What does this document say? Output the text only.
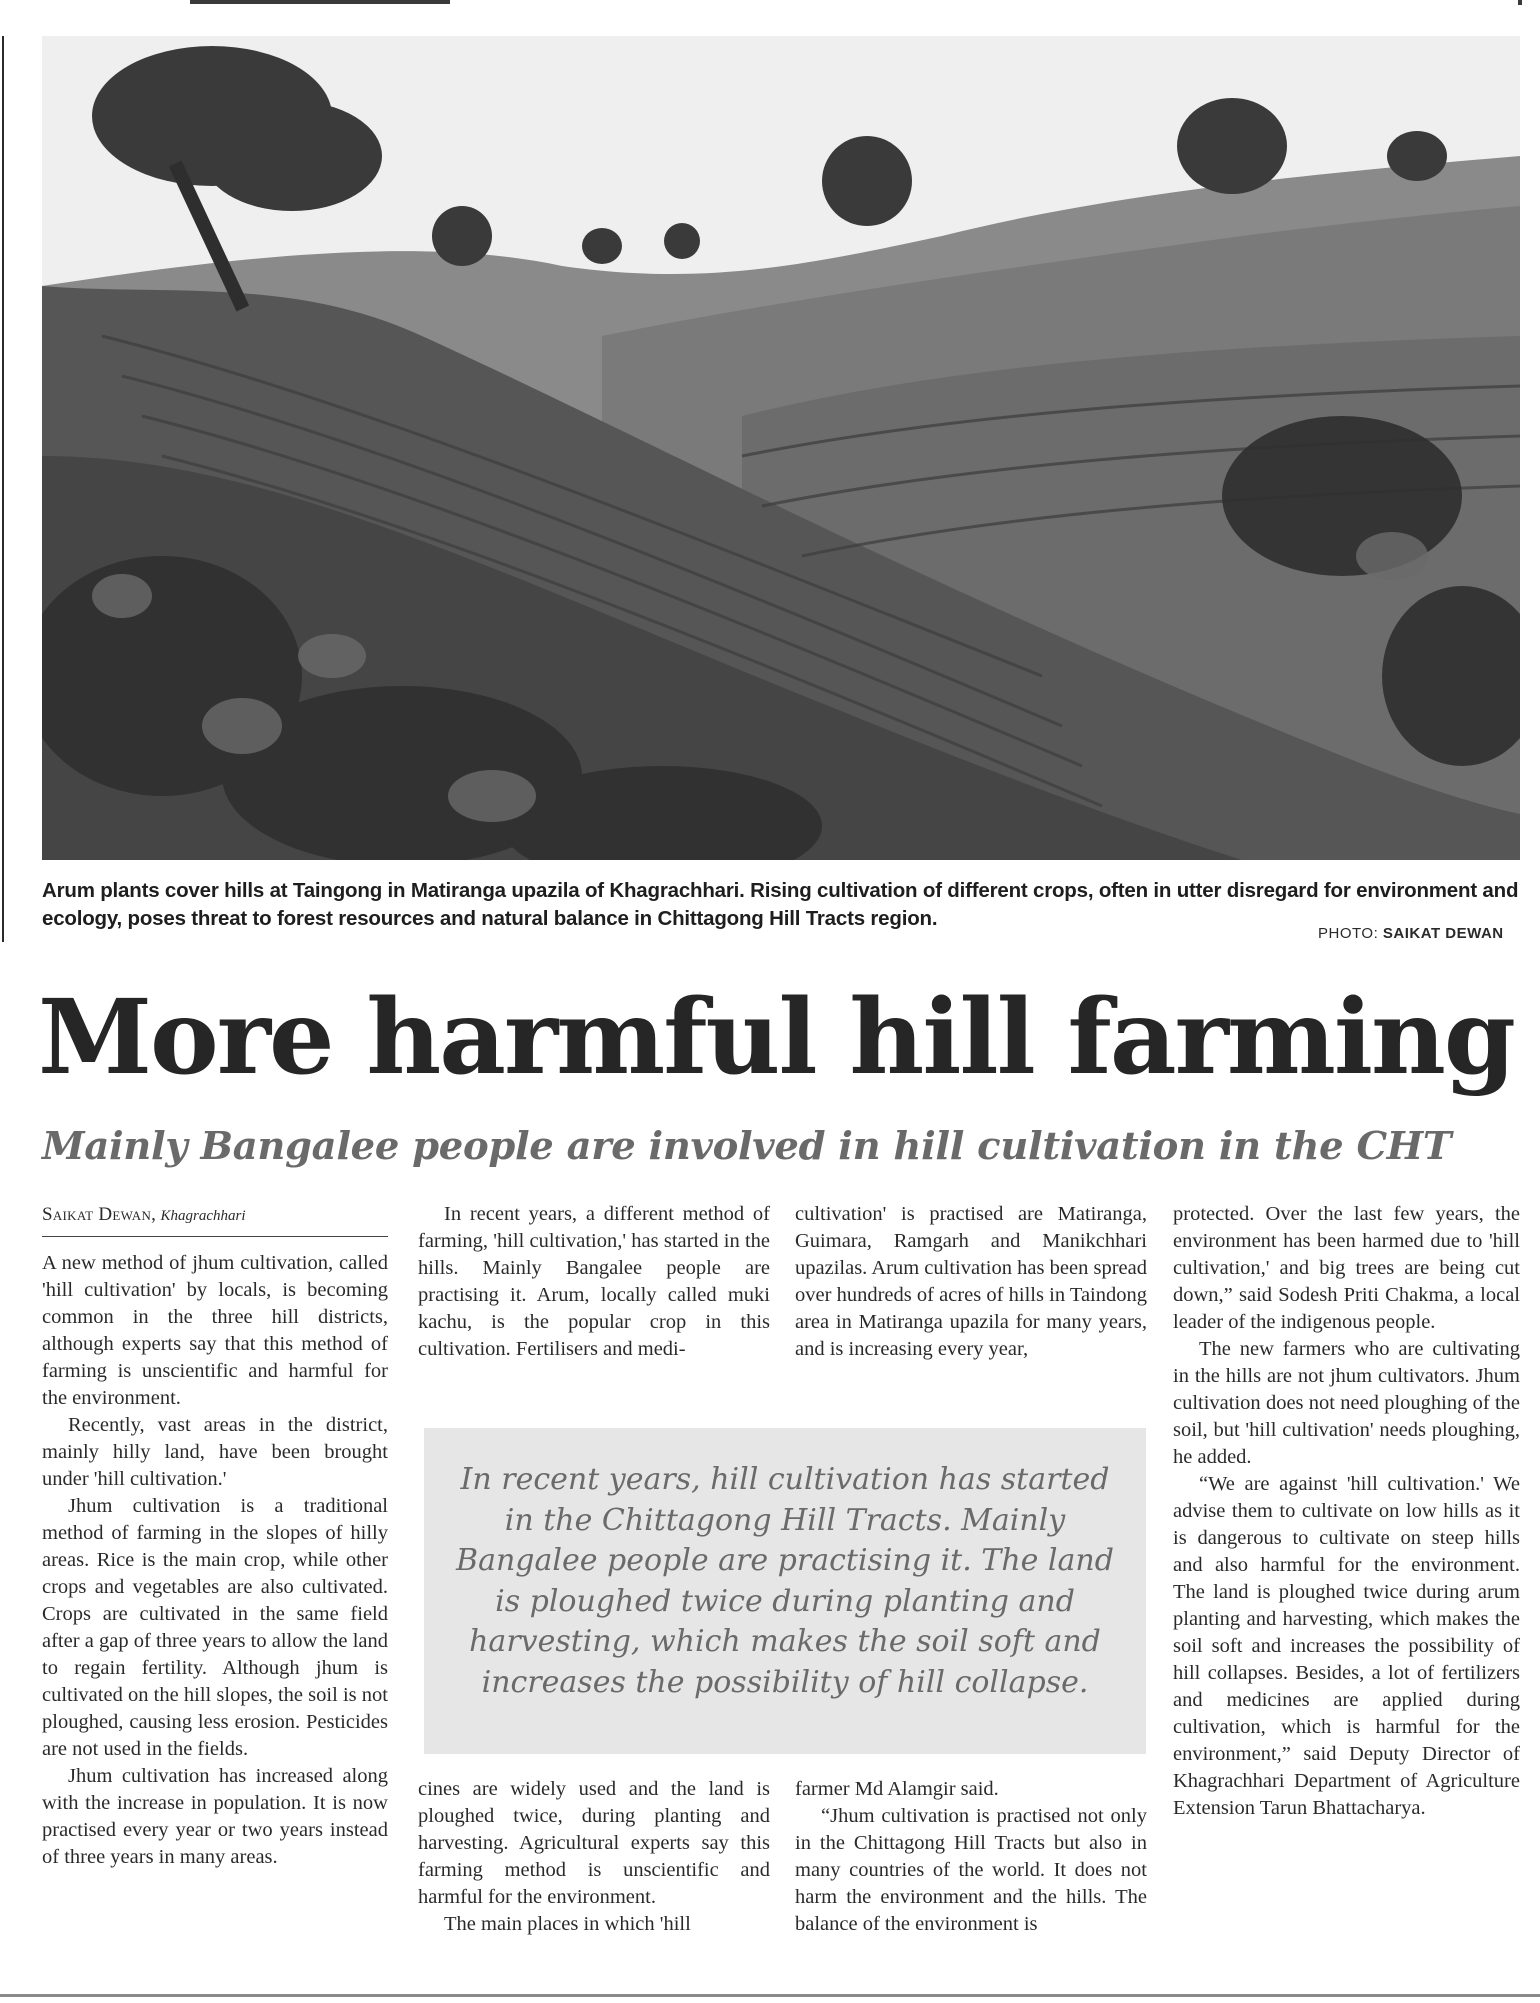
Arum plants cover hills at Taingong in Matiranga upazila of Khagrachhari. Rising cultivation of different crops, often in utter disregard for environment and ecology, poses threat to forest resources and natural balance in Chittagong Hill Tracts region.
PHOTO: SAIKAT DEWAN
More harmful hill farming
Mainly Bangalee people are involved in hill cultivation in the CHT
Saikat Dewan, Khagrachhari

A new method of jhum cultivation, called 'hill cultivation' by locals, is becoming common in the three hill districts, although experts say that this method of farming is unscientific and harmful for the environment.

Recently, vast areas in the district, mainly hilly land, have been brought under 'hill cultivation.'

Jhum cultivation is a traditional method of farming in the slopes of hilly areas. Rice is the main crop, while other crops and vegetables are also cultivated. Crops are cultivated in the same field after a gap of three years to allow the land to regain fertility. Although jhum is cultivated on the hill slopes, the soil is not ploughed, causing less erosion. Pesticides are not used in the fields.

Jhum cultivation has increased along with the increase in population. It is now practised every year or two years instead of three years in many areas.

In recent years, a different method of farming, 'hill cultivation,' has started in the hills. Mainly Bangalee people are practising it. Arum, locally called muki kachu, is the popular crop in this cultivation. Fertilisers and medi-

cultivation' is practised are Matiranga, Guimara, Ramgarh and Manikchhari upazilas. Arum cultivation has been spread over hundreds of acres of hills in Taindong area in Matiranga upazila for many years, and is increasing every year,

In recent years, hill cultivation has started in the Chittagong Hill Tracts. Mainly Bangalee people are practising it. The land is ploughed twice during planting and harvesting, which makes the soil soft and increases the possibility of hill collapse.

cines are widely used and the land is ploughed twice, during planting and harvesting. Agricultural experts say this farming method is unscientific and harmful for the environment.

The main places in which 'hill

farmer Md Alamgir said.

“Jhum cultivation is practised not only in the Chittagong Hill Tracts but also in many countries of the world. It does not harm the environment and the hills. The balance of the environment is

protected. Over the last few years, the environment has been harmed due to 'hill cultivation,' and big trees are being cut down,” said Sodesh Priti Chakma, a local leader of the indigenous people.

The new farmers who are cultivating in the hills are not jhum cultivators. Jhum cultivation does not need ploughing of the soil, but 'hill cultivation' needs ploughing, he added.

“We are against 'hill cultivation.' We advise them to cultivate on low hills as it is dangerous to cultivate on steep hills and also harmful for the environment. The land is ploughed twice during arum planting and harvesting, which makes the soil soft and increases the possibility of hill collapses. Besides, a lot of fertilizers and medicines are applied during cultivation, which is harmful for the environment,” said Deputy Director of Khagrachhari Department of Agriculture Extension Tarun Bhattacharya.
